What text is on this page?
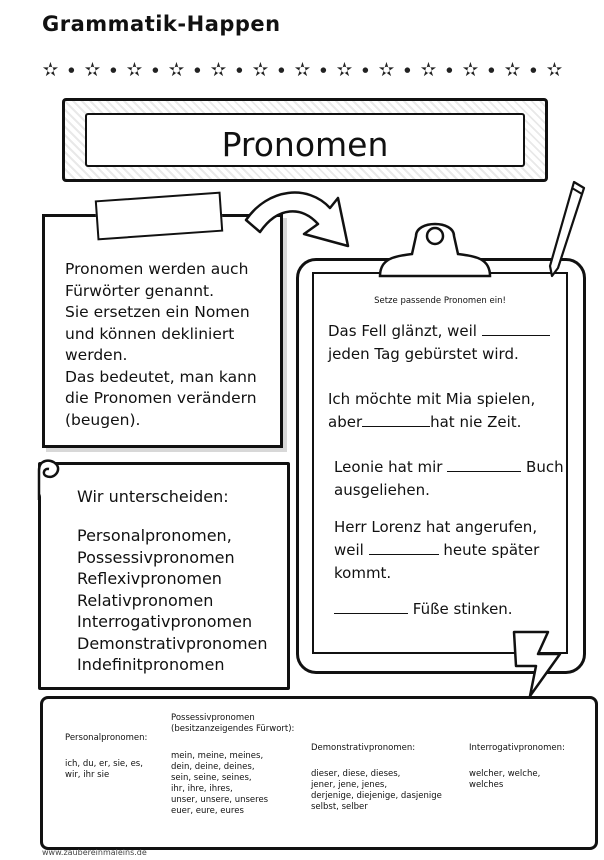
Grammatik-Happen
✫ ∙ ✫ ∙ ✫ ∙ ✫ ∙ ✫ ∙ ✫ ∙ ✫ ∙ ✫ ∙ ✫ ∙ ✫ ∙ ✫ ∙ ✫ ∙ ✫
Pronomen
Pronomen werden auch
Fürwörter genannt.
Sie ersetzen ein Nomen
und können dekliniert
werden.
Das bedeutet, man kann
die Pronomen verändern
(beugen).
Wir unterscheiden:
Personalpronomen,
Possessivpronomen
Reflexivpronomen
Relativpronomen
Interrogativpronomen
Demonstrativpronomen
Indefinitpronomen
Setze passende Pronomen ein!
Das Fell glänzt, weil
jeden Tag gebürstet wird.
Ich möchte mit Mia spielen,
aber	hat nie Zeit.
Leonie hat mir	Buch
ausgeliehen.
Herr Lorenz hat angerufen,
weil	heute später
kommt.
Füße stinken.
Personalpronomen:
ich, du, er, sie, es,
wir, ihr sie
Possessivpronomen
(besitzanzeigendes Fürwort):
mein, meine, meines,
dein, deine, deines,
sein, seine, seines,
ihr, ihre, ihres,
unser, unsere, unseres
euer, eure, eures
Demonstrativpronomen:
dieser, diese, dieses,
jener, jene, jenes,
derjenige, diejenige, dasjenige
selbst, selber
Interrogativpronomen:
welcher, welche,
welches
www.zaubereinmaleins.de
